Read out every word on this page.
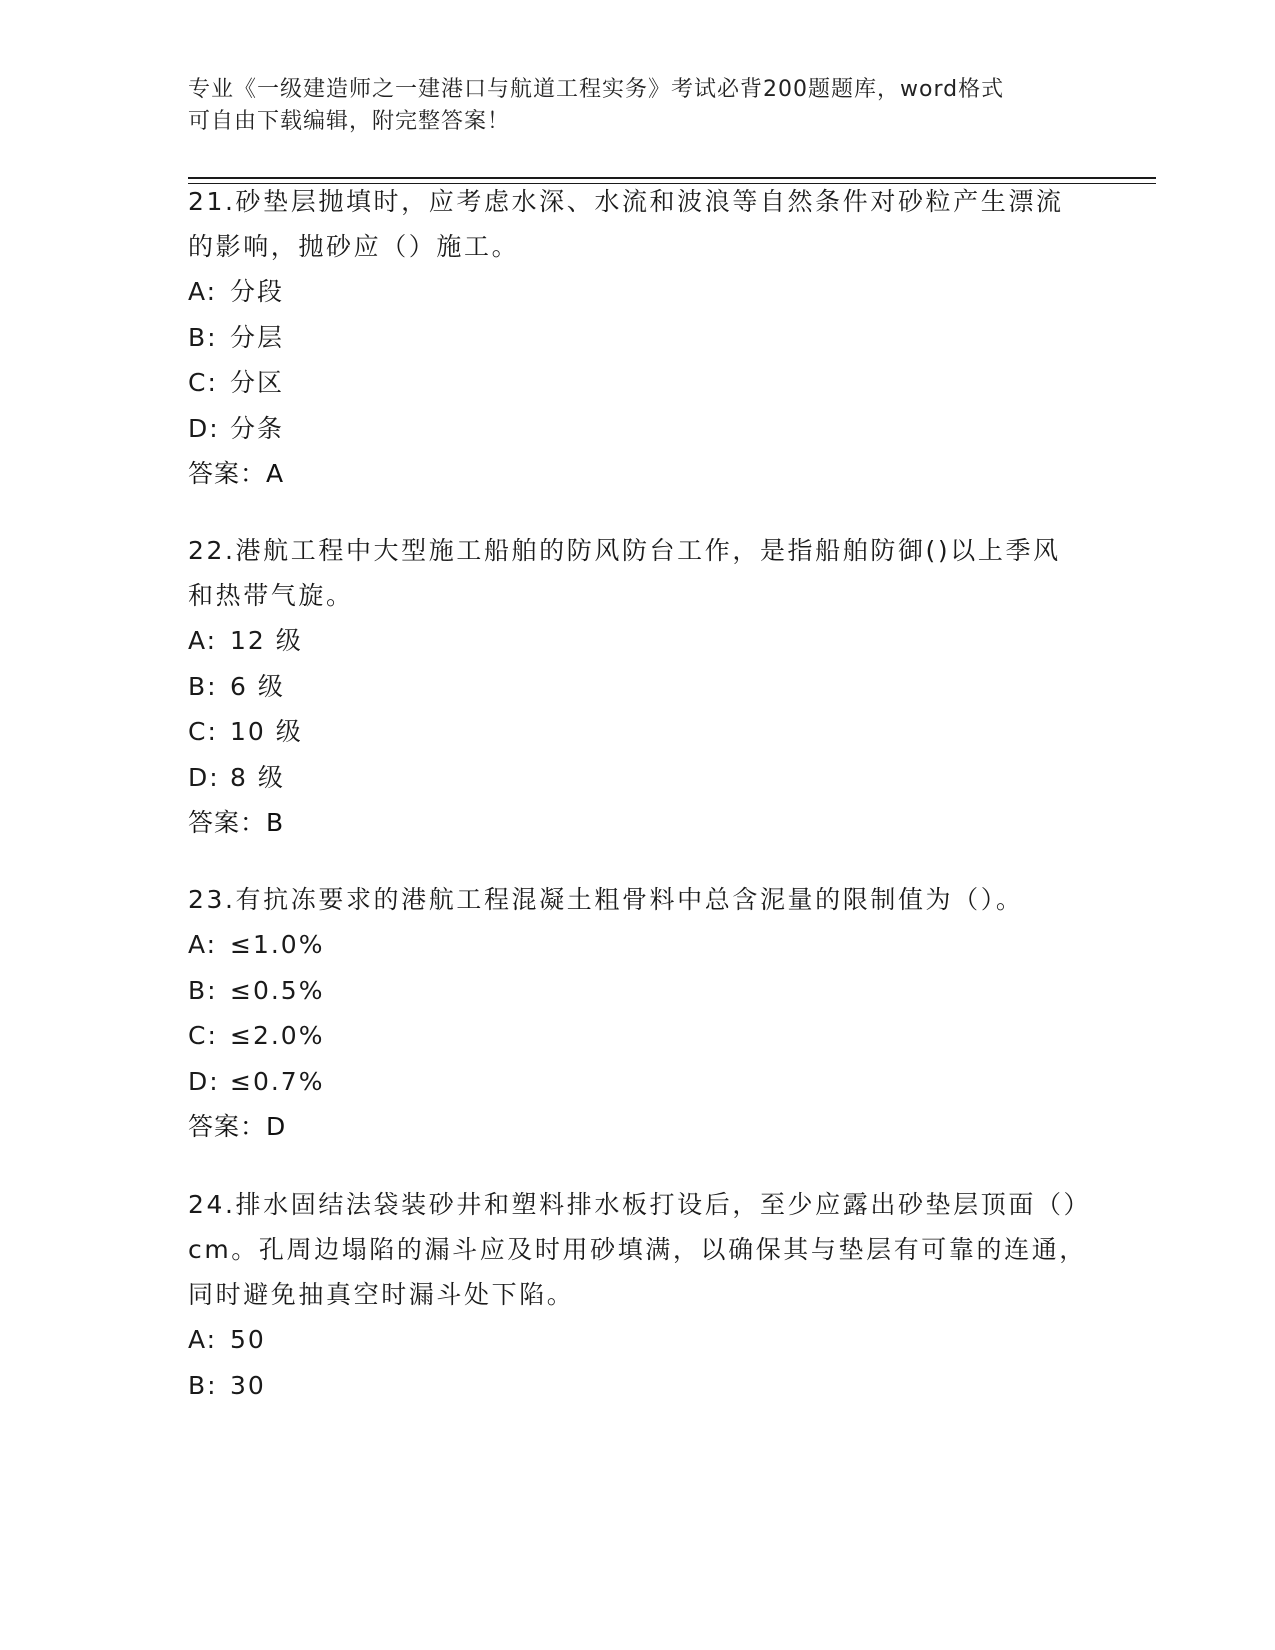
专业《一级建造师之一建港口与航道工程实务》考试必背200题题库，word格式
可自由下载编辑，附完整答案！
21.砂垫层抛填时，应考虑水深、水流和波浪等自然条件对砂粒产生漂流的影响，抛砂应（）施工。
A: 分段
B: 分层
C: 分区
D: 分条
答案：A
22.港航工程中大型施工船舶的防风防台工作，是指船舶防御()以上季风和热带气旋。
A: 12 级
B: 6 级
C: 10 级
D: 8 级
答案：B
23.有抗冻要求的港航工程混凝土粗骨料中总含泥量的限制值为（）。
A: ≤1.0%
B: ≤0.5%
C: ≤2.0%
D: ≤0.7%
答案：D
24.排水固结法袋装砂井和塑料排水板打设后，至少应露出砂垫层顶面（）cm。孔周边塌陷的漏斗应及时用砂填满，以确保其与垫层有可靠的连通，同时避免抽真空时漏斗处下陷。
A: 50
B: 30
